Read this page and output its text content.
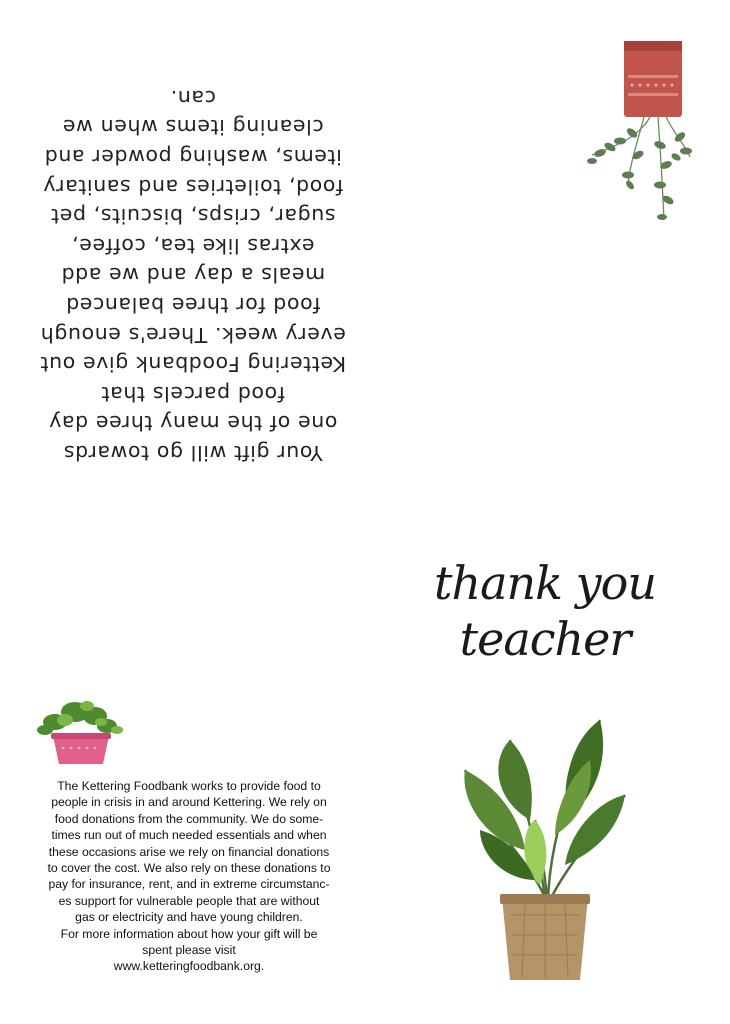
Your gift will go towards
one of the many three day
food parcels that
Kettering Foodbank give out
every week. There's enough
food for three balanced
meals a day and we add
extras like tea, coffee,
sugar, crisps, biscuits, pet
food, toiletries and sanitary
items, washing powder and
cleaning items when we
can.
thank you
teacher
The Kettering Foodbank works to provide food to
people in crisis in and around Kettering. We rely on
food donations from the community. We do some-
times run out of much needed essentials and when
these occasions arise we rely on financial donations
to cover the cost. We also rely on these donations to
pay for insurance, rent, and in extreme circumstanc-
es support for vulnerable people that are without
gas or electricity and have young children.
For more information about how your gift will be
spent please visit
www.ketteringfoodbank.org.
